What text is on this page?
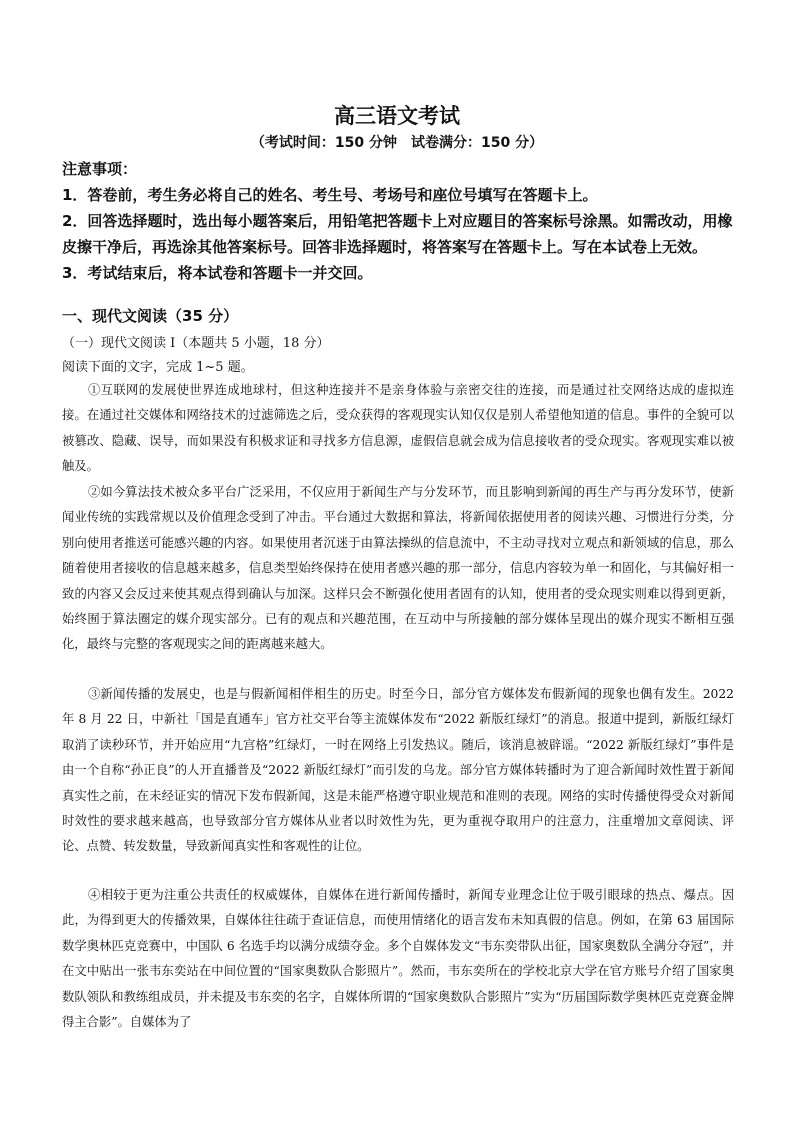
高三语文考试
（考试时间：150 分钟　试卷满分：150 分）
注意事项：
1．答卷前，考生务必将自己的姓名、考生号、考场号和座位号填写在答题卡上。
2．回答选择题时，选出每小题答案后，用铅笔把答题卡上对应题目的答案标号涂黑。如需改动，用橡皮擦干净后，再选涂其他答案标号。回答非选择题时，将答案写在答题卡上。写在本试卷上无效。
3．考试结束后，将本试卷和答题卡一并交回。
一、现代文阅读（35 分）
（一）现代文阅读 I（本题共 5 小题，18 分）
阅读下面的文字，完成 1~5 题。
①互联网的发展使世界连成地球村，但这种连接并不是亲身体验与亲密交往的连接，而是通过社交网络达成的虚拟连接。在通过社交媒体和网络技术的过滤筛选之后，受众获得的客观现实认知仅仅是别人希望他知道的信息。事件的全貌可以被篡改、隐藏、误导，而如果没有积极求证和寻找多方信息源，虚假信息就会成为信息接收者的受众现实。客观现实难以被触及。
②如今算法技术被众多平台广泛采用，不仅应用于新闻生产与分发环节，而且影响到新闻的再生产与再分发环节，使新闻业传统的实践常规以及价值理念受到了冲击。平台通过大数据和算法，将新闻依据使用者的阅读兴趣、习惯进行分类，分别向使用者推送可能感兴趣的内容。如果使用者沉迷于由算法操纵的信息流中，不主动寻找对立观点和新领域的信息，那么随着使用者接收的信息越来越多，信息类型始终保持在使用者感兴趣的那一部分，信息内容较为单一和固化，与其偏好相一致的内容又会反过来使其观点得到确认与加深。这样只会不断强化使用者固有的认知，使用者的受众现实则难以得到更新，始终囿于算法圈定的媒介现实部分。已有的观点和兴趣范围，在互动中与所接触的部分媒体呈现出的媒介现实不断相互强化，最终与完整的客观现实之间的距离越来越大。
③新闻传播的发展史，也是与假新闻相伴相生的历史。时至今日，部分官方媒体发布假新闻的现象也偶有发生。2022 年 8 月 22 日，中新社「国是直通车」官方社交平台等主流媒体发布“2022 新版红绿灯”的消息。报道中提到，新版红绿灯取消了读秒环节，并开始应用“九宫格”红绿灯，一时在网络上引发热议。随后，该消息被辟谣。“2022 新版红绿灯”事件是由一个自称“孙正良”的人开直播普及“2022 新版红绿灯”而引发的乌龙。部分官方媒体转播时为了迎合新闻时效性置于新闻真实性之前，在未经证实的情况下发布假新闻，这是未能严格遵守职业规范和准则的表现。网络的实时传播使得受众对新闻时效性的要求越来越高，也导致部分官方媒体从业者以时效性为先，更为重视夺取用户的注意力，注重增加文章阅读、评论、点赞、转发数量，导致新闻真实性和客观性的让位。
④相较于更为注重公共责任的权威媒体，自媒体在进行新闻传播时，新闻专业理念让位于吸引眼球的热点、爆点。因此，为得到更大的传播效果，自媒体往往疏于查证信息，而使用情绪化的语言发布未知真假的信息。例如，在第 63 届国际数学奥林匹克竞赛中，中国队 6 名选手均以满分成绩夺金。多个自媒体发文“韦东奕带队出征，国家奥数队全满分夺冠”，并在文中贴出一张韦东奕站在中间位置的“国家奥数队合影照片”。然而，韦东奕所在的学校北京大学在官方账号介绍了国家奥数队领队和教练组成员，并未提及韦东奕的名字，自媒体所谓的“国家奥数队合影照片”实为“历届国际数学奥林匹克竞赛金牌得主合影”。自媒体为了
